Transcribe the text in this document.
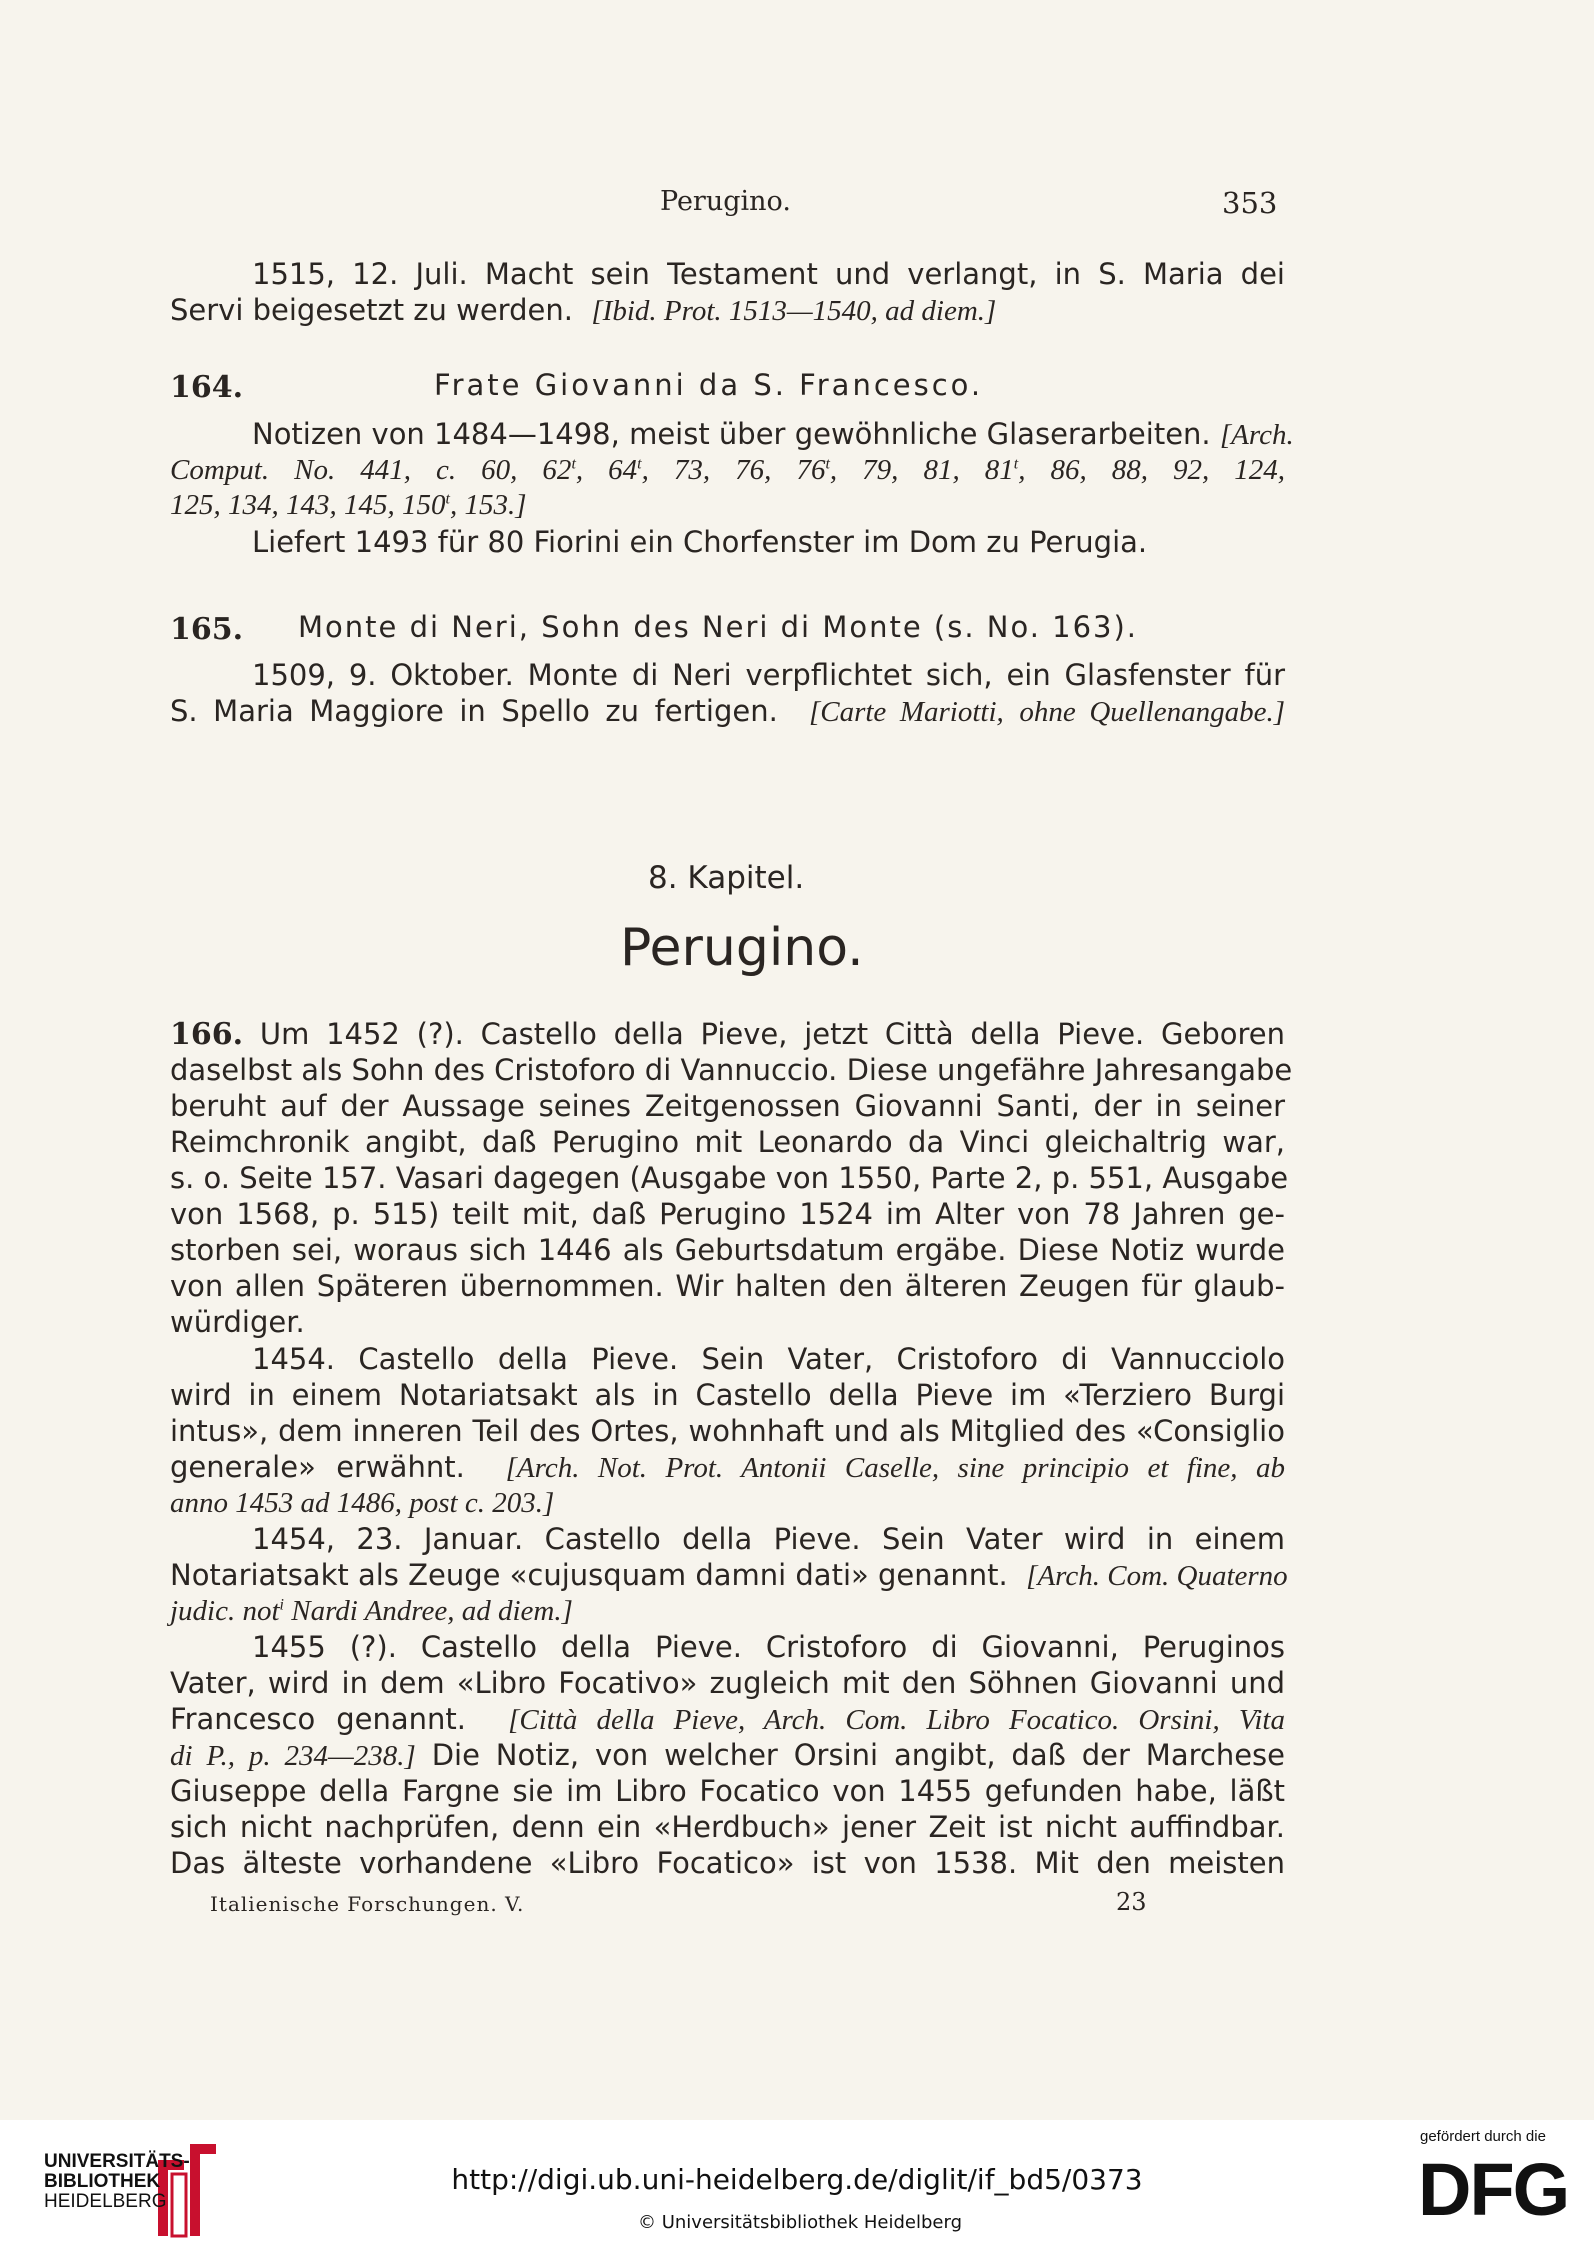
Perugino.	353
1515, 12. Juli. Macht sein Testament und verlangt, in S. Maria dei
Servi beigesetzt zu werden. [Ibid. Prot. 1513—1540, ad diem.]
164.	Frate Giovanni da S. Francesco.
Notizen von 1484—1498, meist über gewöhnliche Glaserarbeiten. [Arch.
Comput. No. 441, c. 60, 62$^t$, 64$^t$, 73, 76, 76$^t$, 79, 81, 81$^t$, 86, 88, 92, 124,
125, 134, 143, 145, 150$^t$, 153.]
Liefert 1493 für 80 Fiorini ein Chorfenster im Dom zu Perugia.
165. Monte di Neri, Sohn des Neri di Monte (s. No. 163).
1509, 9. Oktober. Monte di Neri verpflichtet sich, ein Glasfenster für
S. Maria Maggiore in Spello zu fertigen. [Carte Mariotti, ohne Quellenangabe.]
8. Kapitel.
Perugino.
166. Um 1452 (?). Castello della Pieve, jetzt Città della Pieve. Geboren
daselbst als Sohn des Cristoforo di Vannuccio. Diese ungefähre Jahresangabe
beruht auf der Aussage seines Zeitgenossen Giovanni Santi, der in seiner
Reimchronik angibt, daß Perugino mit Leonardo da Vinci gleichaltrig war,
s. o. Seite 157. Vasari dagegen (Ausgabe von 1550, Parte 2, p. 551, Ausgabe
von 1568, p. 515) teilt mit, daß Perugino 1524 im Alter von 78 Jahren ge-
storben sei, woraus sich 1446 als Geburtsdatum ergäbe. Diese Notiz wurde
von allen Späteren übernommen. Wir halten den älteren Zeugen für glaub-
würdiger.
1454. Castello della Pieve. Sein Vater, Cristoforo di Vannucciolo
wird in einem Notariatsakt als in Castello della Pieve im «Terziero Burgi
intus», dem inneren Teil des Ortes, wohnhaft und als Mitglied des «Consiglio
generale» erwähnt. [Arch. Not. Prot. Antonii Caselle, sine principio et fine, ab
anno 1453 ad 1486, post c. 203.]
1454, 23. Januar. Castello della Pieve. Sein Vater wird in einem
Notariatsakt als Zeuge «cujusquam damni dati» genannt. [Arch. Com. Quaterno
judic. not$^i$ Nardi Andree, ad diem.]
1455 (?). Castello della Pieve. Cristoforo di Giovanni, Peruginos
Vater, wird in dem «Libro Focativo» zugleich mit den Söhnen Giovanni und
Francesco genannt. [Città della Pieve, Arch. Com. Libro Focatico. Orsini, Vita
di P., p. 234—238.] Die Notiz, von welcher Orsini angibt, daß der Marchese
Giuseppe della Fargne sie im Libro Focatico von 1455 gefunden habe, läßt
sich nicht nachprüfen, denn ein «Herdbuch» jener Zeit ist nicht auffindbar.
Das älteste vorhandene «Libro Focatico» ist von 1538. Mit den meisten
Italienische Forschungen. V.	23
UNIVERSITÄTS-
BIBLIOTHEK
HEIDELBERG
http://digi.ub.uni-heidelberg.de/diglit/if_bd5/0373
© Universitätsbibliothek Heidelberg
gefördert durch die
DFG
